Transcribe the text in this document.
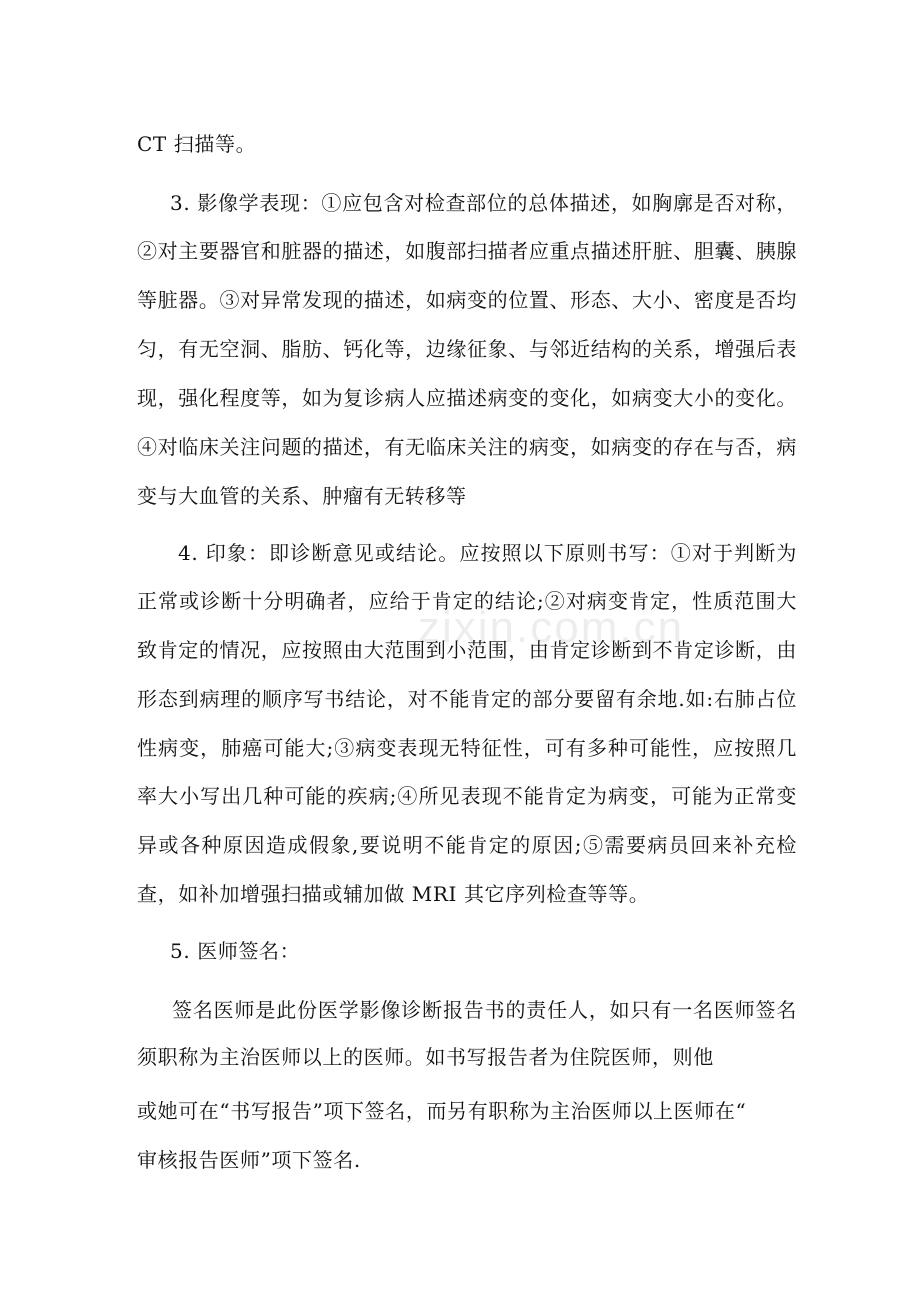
zixin.com.cn
CT 扫描等。
3. 影像学表现：①应包含对检查部位的总体描述，如胸廓是否对称，
②对主要器官和脏器的描述，如腹部扫描者应重点描述肝脏、胆囊、胰腺
等脏器。③对异常发现的描述，如病变的位置、形态、大小、密度是否均
匀，有无空洞、脂肪、钙化等，边缘征象、与邻近结构的关系，增强后表
现，强化程度等，如为复诊病人应描述病变的变化，如病变大小的变化。
④对临床关注问题的描述，有无临床关注的病变，如病变的存在与否，病
变与大血管的关系、肿瘤有无转移等
4. 印象：即诊断意见或结论。应按照以下原则书写：①对于判断为
正常或诊断十分明确者，应给于肯定的结论;②对病变肯定，性质范围大
致肯定的情况，应按照由大范围到小范围，由肯定诊断到不肯定诊断，由
形态到病理的顺序写书结论，对不能肯定的部分要留有余地.如:右肺占位
性病变，肺癌可能大;③病变表现无特征性，可有多种可能性，应按照几
率大小写出几种可能的疾病;④所见表现不能肯定为病变，可能为正常变
异或各种原因造成假象,要说明不能肯定的原因;⑤需要病员回来补充检
查，如补加增强扫描或辅加做 MRI 其它序列检查等等。
5. 医师签名：
签名医师是此份医学影像诊断报告书的责任人，如只有一名医师签名
须职称为主治医师以上的医师。如书写报告者为住院医师，则他
或她可在“书写报告”项下签名，而另有职称为主治医师以上医师在“
审核报告医师”项下签名.
